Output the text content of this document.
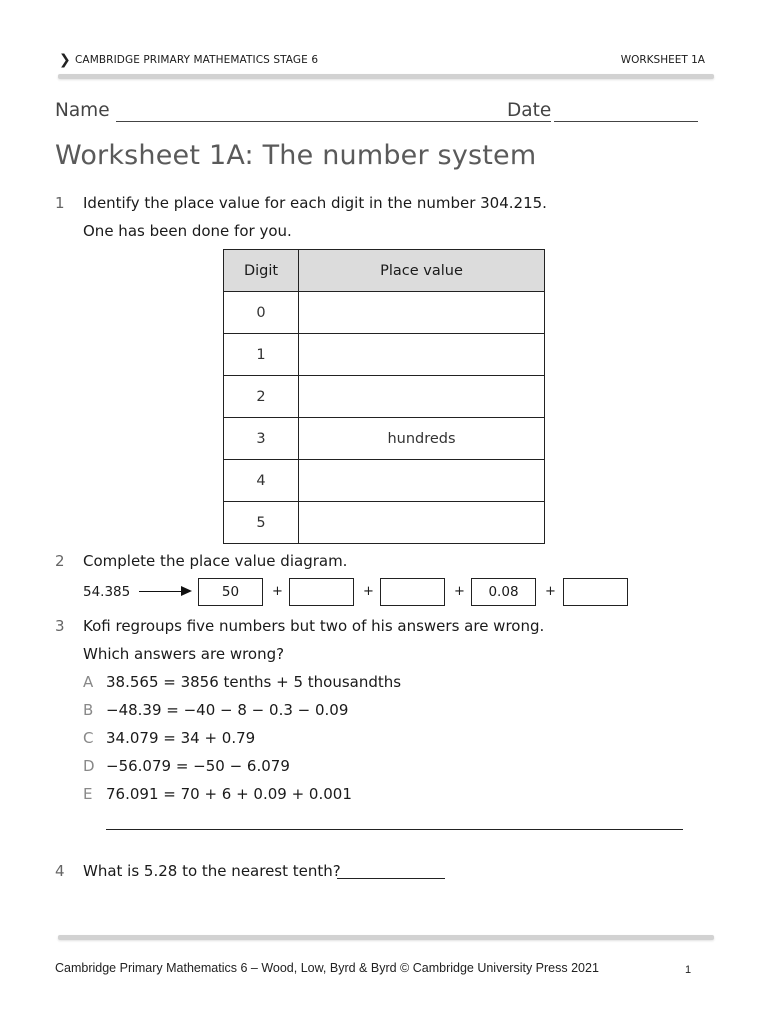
❯ CAMBRIDGE PRIMARY MATHEMATICS STAGE 6	WORKSHEET 1A
Name	Date
Worksheet 1A: The number system
1 Identify the place value for each digit in the number 304.215.
One has been done for you.
Digit	Place value
0	
1	
2	
3	hundreds
4	
5	
2 Complete the place value diagram.
54.385	50	+	+	+	0.08	+
3 Kofi regroups five numbers but two of his answers are wrong.
Which answers are wrong?
A 38.565 = 3856 tenths + 5 thousandths
B −48.39 = −40 − 8 − 0.3 − 0.09
C 34.079 = 34 + 0.79
D −56.079 = −50 − 6.079
E 76.091 = 70 + 6 + 0.09 + 0.001
4 What is 5.28 to the nearest tenth?
Cambridge Primary Mathematics 6 – Wood, Low, Byrd & Byrd © Cambridge University Press 2021	1
